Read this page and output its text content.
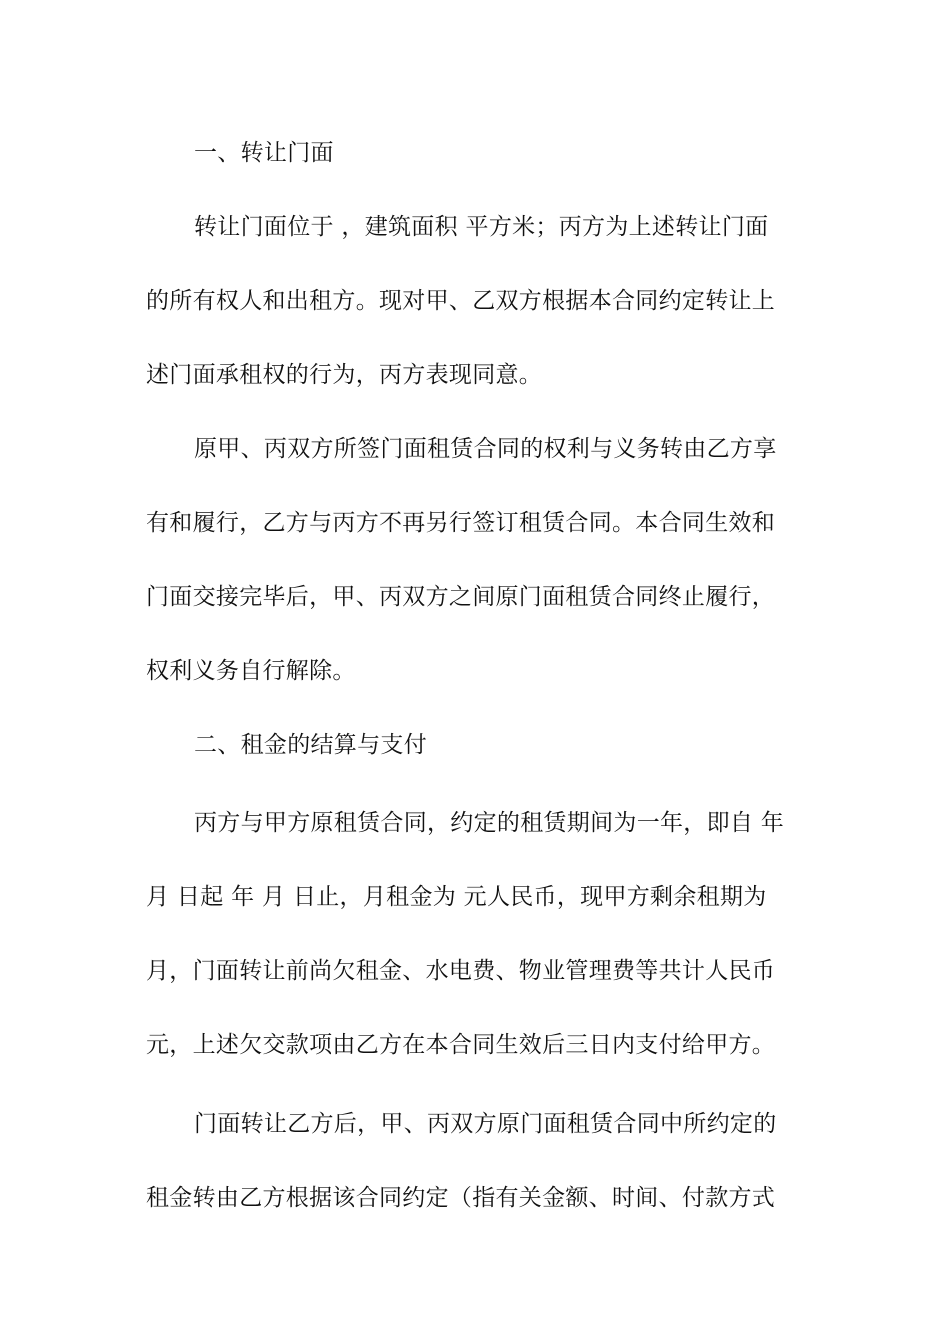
一、转让门面
转让门面位于 ，建筑面积 平方米；丙方为上述转让门面
的所有权人和出租方。现对甲、乙双方根据本合同约定转让上
述门面承租权的行为，丙方表现同意。
原甲、丙双方所签门面租赁合同的权利与义务转由乙方享
有和履行，乙方与丙方不再另行签订租赁合同。本合同生效和
门面交接完毕后，甲、丙双方之间原门面租赁合同终止履行，
权利义务自行解除。
二、租金的结算与支付
丙方与甲方原租赁合同，约定的租赁期间为一年，即自 年
月 日起 年 月 日止，月租金为 元人民币，现甲方剩余租期为
月，门面转让前尚欠租金、水电费、物业管理费等共计人民币
元，上述欠交款项由乙方在本合同生效后三日内支付给甲方。
门面转让乙方后，甲、丙双方原门面租赁合同中所约定的
租金转由乙方根据该合同约定（指有关金额、时间、付款方式
